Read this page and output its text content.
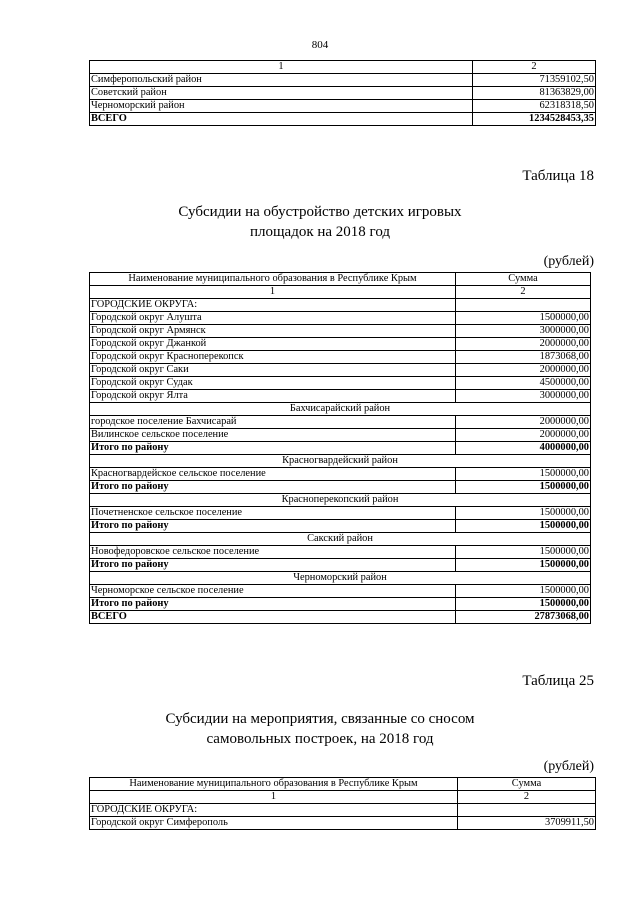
804
1	2
Симферопольский район	71359102,50
Советский район	81363829,00
Черноморский район	62318318,50
ВСЕГО	1234528453,35
Таблица 18
Субсидии на обустройство детских игровых
площадок на 2018 год
(рублей)
Наименование муниципального образования в Республике Крым	Сумма
1	2
ГОРОДСКИЕ ОКРУГА:	
Городской округ Алушта	1500000,00
Городской округ Армянск	3000000,00
Городской округ Джанкой	2000000,00
Городской округ Красноперекопск	1873068,00
Городской округ Саки	2000000,00
Городской округ Судак	4500000,00
Городской округ Ялта	3000000,00
Бахчисарайский район	
городское поселение Бахчисарай	2000000,00
Вилинское сельское поселение	2000000,00
Итого по району	4000000,00
Красногвардейский район	
Красногвардейское сельское поселение	1500000,00
Итого по району	1500000,00
Красноперекопский район	
Почетненское сельское поселение	1500000,00
Итого по району	1500000,00
Сакский район	
Новофедоровское сельское поселение	1500000,00
Итого по району	1500000,00
Черноморский район	
Черноморское сельское поселение	1500000,00
Итого по району	1500000,00
ВСЕГО	27873068,00
Таблица 25
Субсидии на мероприятия, связанные со сносом
самовольных построек, на 2018 год
(рублей)
Наименование муниципального образования в Республике Крым	Сумма
1	2
ГОРОДСКИЕ ОКРУГА:	
Городской округ Симферополь	3709911,50
